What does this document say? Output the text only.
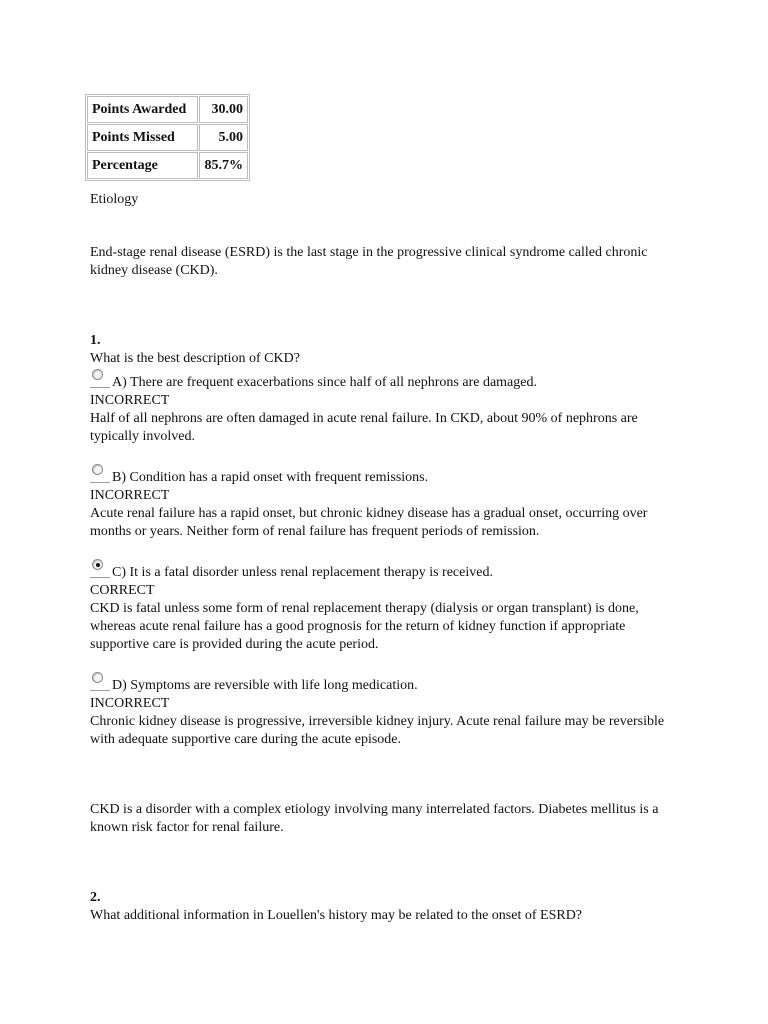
Points Awarded	30.00
Points Missed	5.00
Percentage	85.7%
Etiology
End-stage renal disease (ESRD) is the last stage in the progressive clinical syndrome called chronic kidney disease (CKD).
1.
What is the best description of CKD?
A) There are frequent exacerbations since half of all nephrons are damaged.
INCORRECT
Half of all nephrons are often damaged in acute renal failure. In CKD, about 90% of nephrons are typically involved.
B) Condition has a rapid onset with frequent remissions.
INCORRECT
Acute renal failure has a rapid onset, but chronic kidney disease has a gradual onset, occurring over months or years. Neither form of renal failure has frequent periods of remission.
C) It is a fatal disorder unless renal replacement therapy is received.
CORRECT
CKD is fatal unless some form of renal replacement therapy (dialysis or organ transplant) is done, whereas acute renal failure has a good prognosis for the return of kidney function if appropriate supportive care is provided during the acute period.
D) Symptoms are reversible with life long medication.
INCORRECT
Chronic kidney disease is progressive, irreversible kidney injury. Acute renal failure may be reversible with adequate supportive care during the acute episode.
CKD is a disorder with a complex etiology involving many interrelated factors. Diabetes mellitus is a known risk factor for renal failure.
2.
What additional information in Louellen's history may be related to the onset of ESRD?
